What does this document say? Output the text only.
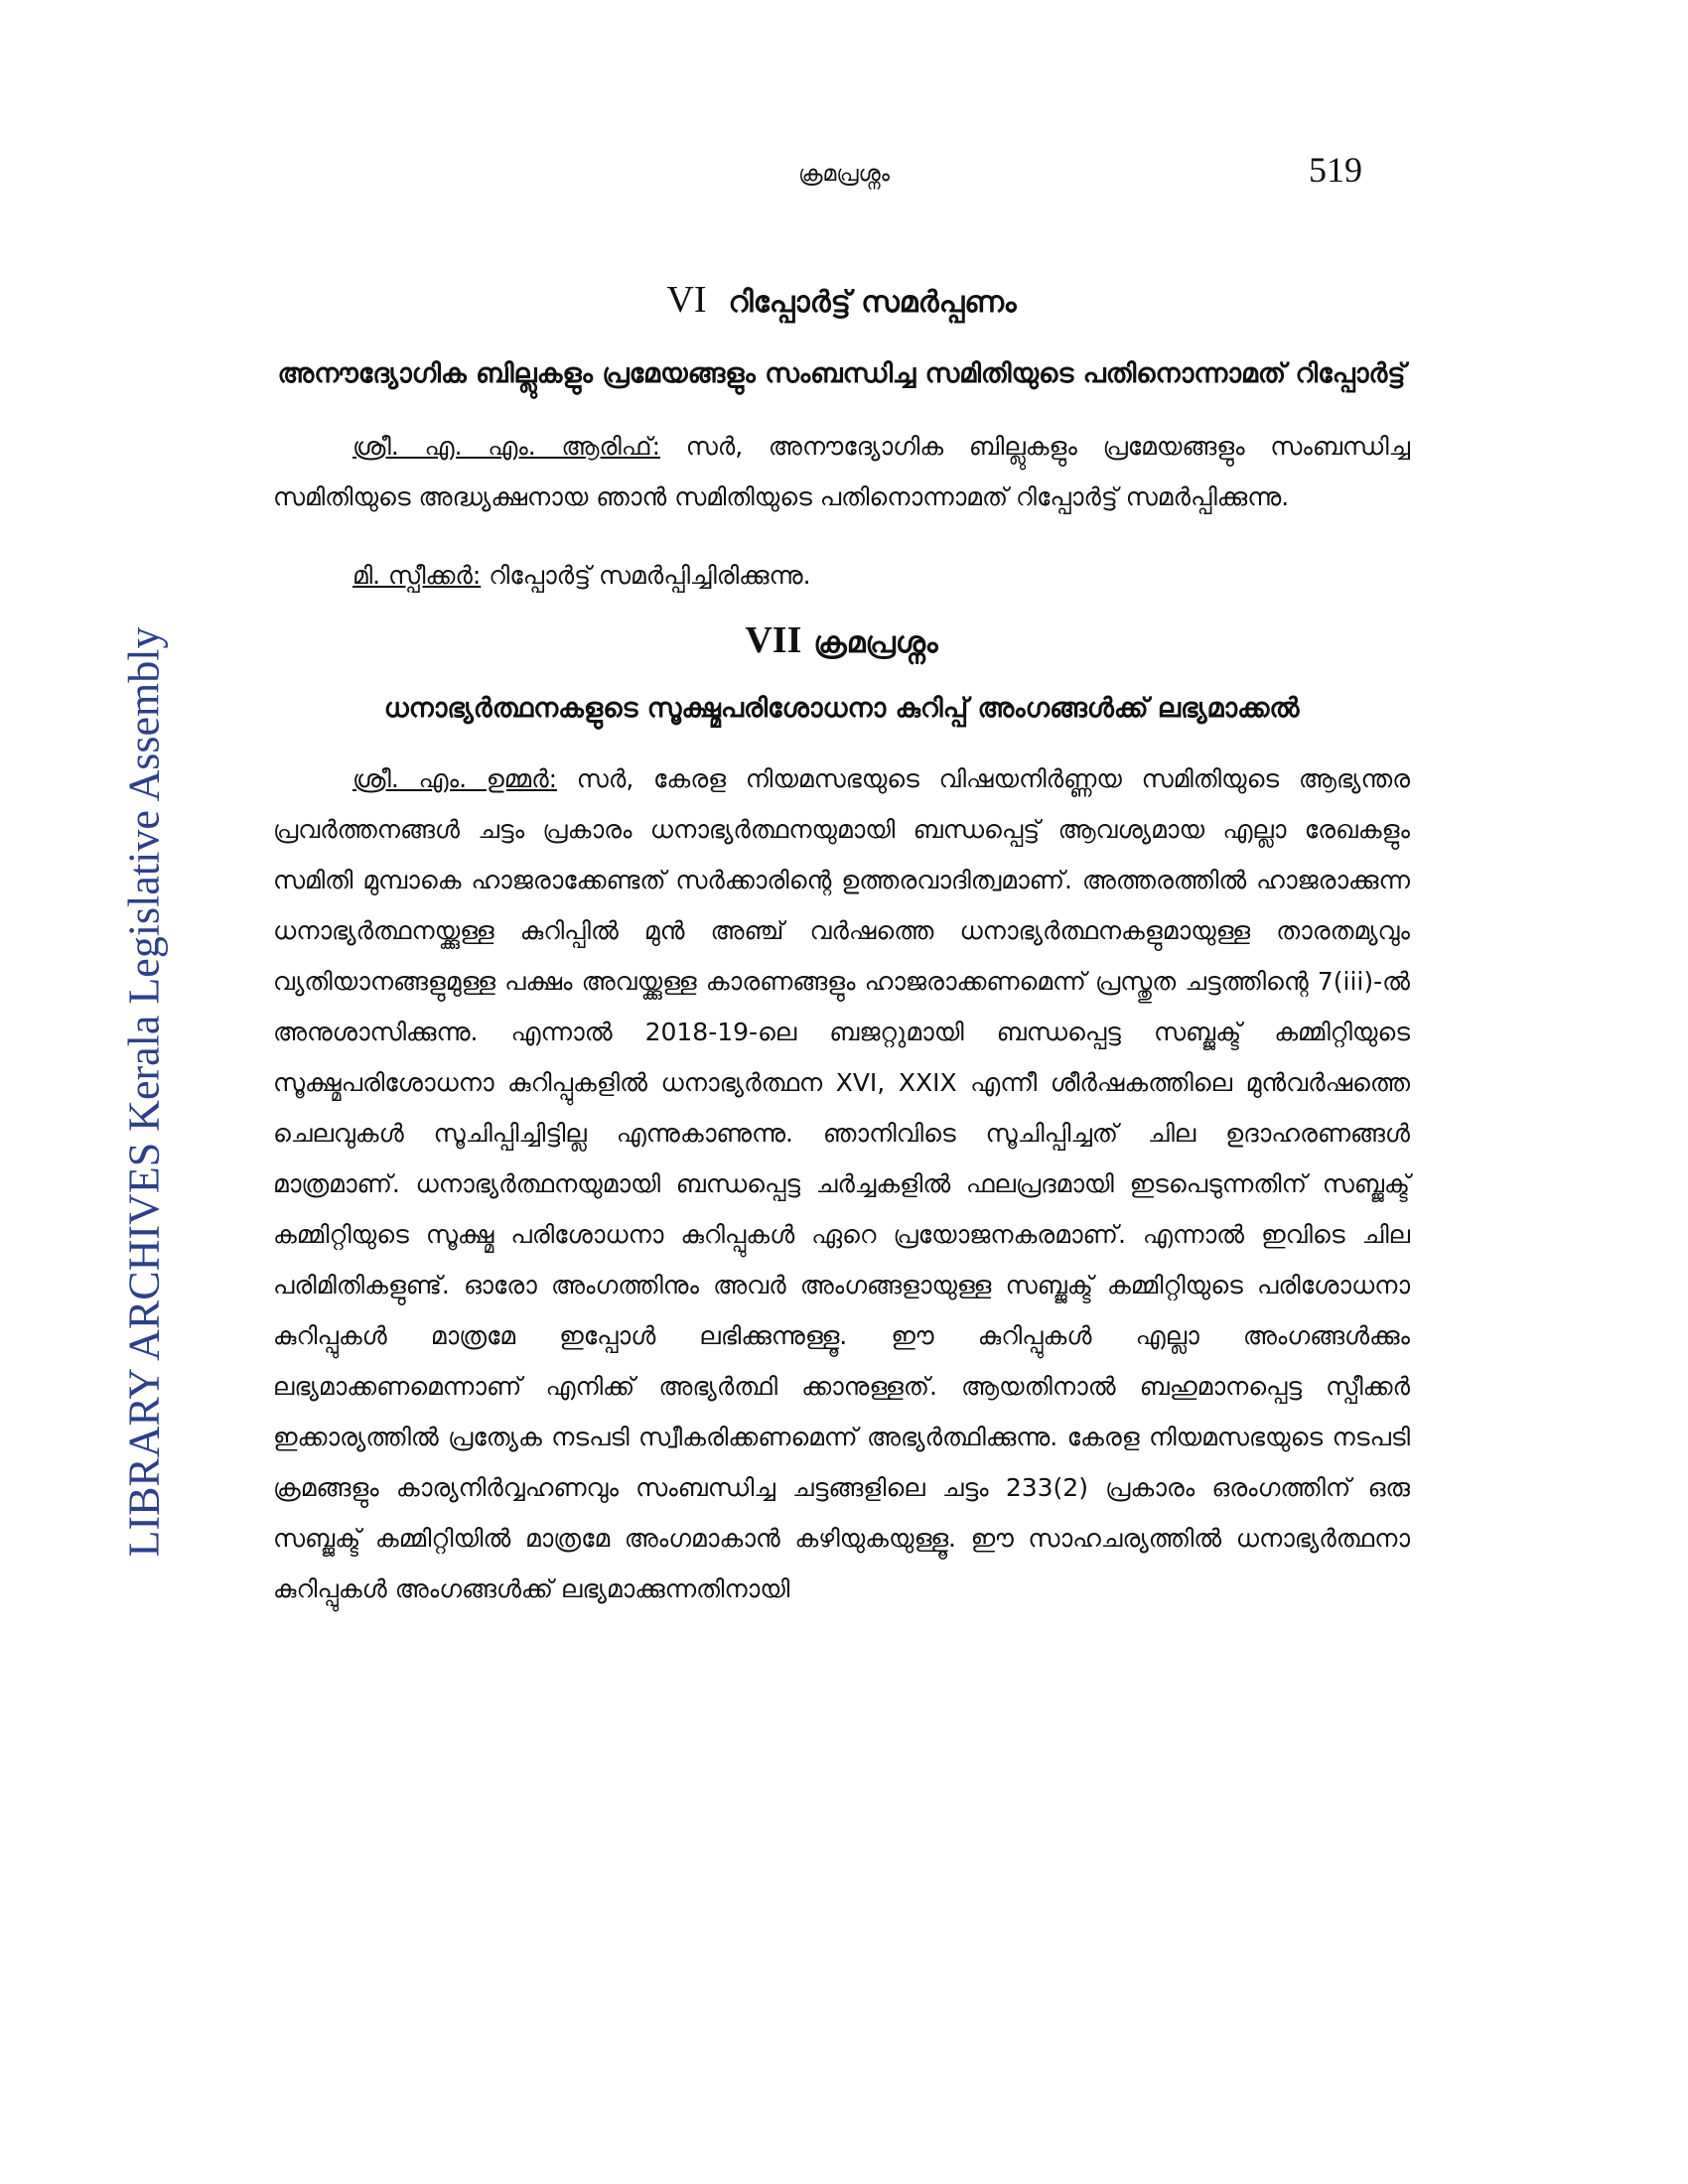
LIBRARY ARCHIVES Kerala Legislative Assembly
ക്രമപ്രശ്നം	519
VI റിപ്പോർട്ട് സമർപ്പണം
അനൗദ്യോഗിക ബില്ലുകളും പ്രമേയങ്ങളും സംബന്ധിച്ച സമിതിയുടെ പതിനൊന്നാമത് റിപ്പോർട്ട്

ശ്രീ. എ. എം. ആരിഫ്: സർ, അനൗദ്യോഗിക ബില്ലുകളും പ്രമേയങ്ങളും സംബന്ധിച്ച സമിതിയുടെ അദ്ധ്യക്ഷനായ ഞാൻ സമിതിയുടെ പതിനൊന്നാമത് റിപ്പോർട്ട് സമർപ്പിക്കുന്നു.

മി. സ്പീക്കർ: റിപ്പോർട്ട് സമർപ്പിച്ചിരിക്കുന്നു.

VII ക്രമപ്രശ്നം
ധനാഭ്യർത്ഥനകളുടെ സൂക്ഷ്മപരിശോധനാ കുറിപ്പ് അംഗങ്ങൾക്ക് ലഭ്യമാക്കൽ

ശ്രീ. എം. ഉമ്മർ: സർ, കേരള നിയമസഭയുടെ വിഷയനിർണ്ണയ സമിതിയുടെ ആഭ്യന്തര പ്രവർത്തനങ്ങൾ ചട്ടം പ്രകാരം ധനാഭ്യർത്ഥനയുമായി ബന്ധപ്പെട്ട് ആവശ്യമായ എല്ലാ രേഖകളും സമിതി മുമ്പാകെ ഹാജരാക്കേണ്ടത് സർക്കാരിന്റെ ഉത്തരവാദിത്വമാണ്. അത്തരത്തിൽ ഹാജരാക്കുന്ന ധനാഭ്യർത്ഥനയ്ക്കുള്ള കുറിപ്പിൽ മുൻ അഞ്ച് വർഷത്തെ ധനാഭ്യർത്ഥനകളുമായുള്ള താരതമ്യവും വ്യതിയാനങ്ങളുമുള്ള പക്ഷം അവയ്ക്കുള്ള കാരണങ്ങളും ഹാജരാക്കണമെന്ന് പ്രസ്തുത ചട്ടത്തിന്റെ 7(iii)-ൽ അനുശാസിക്കുന്നു. എന്നാൽ 2018-19-ലെ ബജറ്റുമായി ബന്ധപ്പെട്ട സബ്ജക്ട് കമ്മിറ്റിയുടെ സൂക്ഷ്മപരിശോധനാ കുറിപ്പുകളിൽ ധനാഭ്യർത്ഥന XVI, XXIX എന്നീ ശീർഷകത്തിലെ മുൻവർഷത്തെ ചെലവുകൾ സൂചിപ്പിച്ചിട്ടില്ല എന്നുകാണുന്നു. ഞാനിവിടെ സൂചിപ്പിച്ചത് ചില ഉദാഹരണങ്ങൾ മാത്രമാണ്. ധനാഭ്യർത്ഥനയുമായി ബന്ധപ്പെട്ട ചർച്ചകളിൽ ഫലപ്രദമായി ഇടപെടുന്നതിന് സബ്ജക്ട് കമ്മിറ്റിയുടെ സൂക്ഷ്മ പരിശോധനാ കുറിപ്പുകൾ ഏറെ പ്രയോജനകരമാണ്. എന്നാൽ ഇവിടെ ചില പരിമിതികളുണ്ട്. ഓരോ അംഗത്തിനും അവർ അംഗങ്ങളായുള്ള സബ്ജക്ട് കമ്മിറ്റിയുടെ പരിശോധനാ കുറിപ്പുകൾ മാത്രമേ ഇപ്പോൾ ലഭിക്കുന്നുള്ളൂ. ഈ കുറിപ്പുകൾ എല്ലാ അംഗങ്ങൾക്കും ലഭ്യമാക്കണമെന്നാണ് എനിക്ക് അഭ്യർത്ഥി ക്കാനുള്ളത്. ആയതിനാൽ ബഹുമാനപ്പെട്ട സ്പീക്കർ ഇക്കാര്യത്തിൽ പ്രത്യേക നടപടി സ്വീകരിക്കണമെന്ന് അഭ്യർത്ഥിക്കുന്നു. കേരള നിയമസഭയുടെ നടപടി ക്രമങ്ങളും കാര്യനിർവ്വഹണവും സംബന്ധിച്ച ചട്ടങ്ങളിലെ ചട്ടം 233(2) പ്രകാരം ഒരംഗത്തിന് ഒരു സബ്ജക്ട് കമ്മിറ്റിയിൽ മാത്രമേ അംഗമാകാൻ കഴിയുകയുള്ളൂ. ഈ സാഹചര്യത്തിൽ ധനാഭ്യർത്ഥനാ കുറിപ്പുകൾ അംഗങ്ങൾക്ക് ലഭ്യമാക്കുന്നതിനായി
